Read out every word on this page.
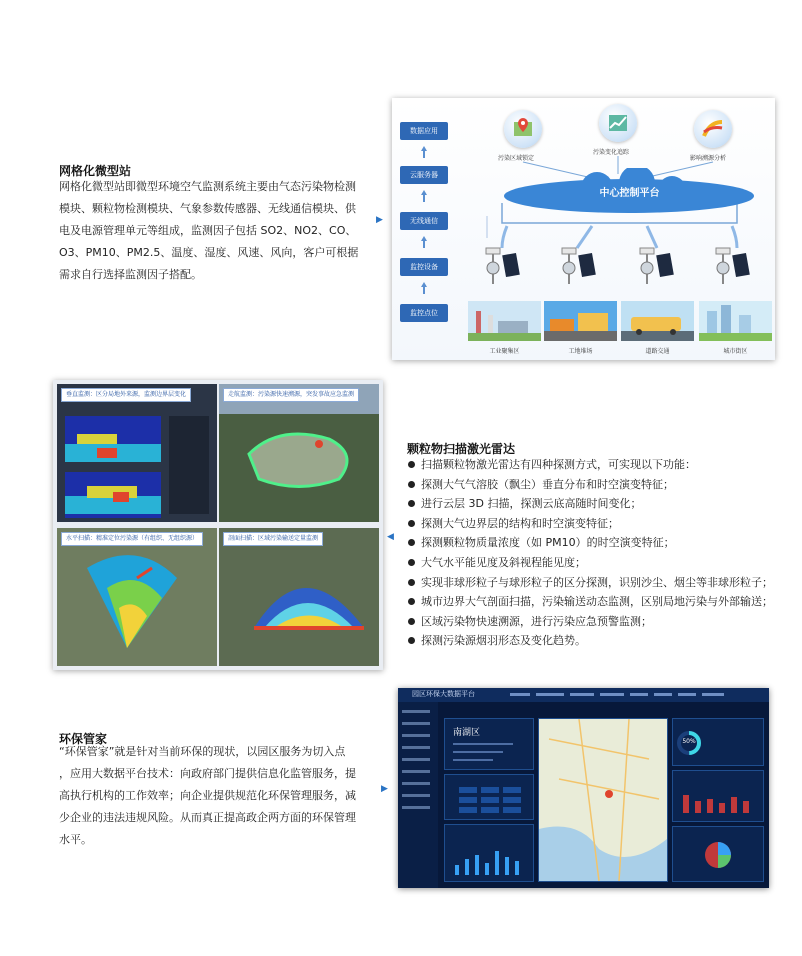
网格化微型站
网格化微型站即微型环境空气监测系统主要由气态污染物检测
模块、颗粒物检测模块、气象参数传感器、无线通信模块、供
电及电源管理单元等组成，监测因子包括 SO2、NO2、CO、
O3、PM10、PM2.5、温度、湿度、风速、风向，客户可根据
需求自行选择监测因子搭配。
▶
数据应用
云服务器
无线通信
监控设备
监控点位
污染区域锁定
污染变化追踪
影响溯源分析
中心控制平台
工业聚集区	工地堆场	道路交通	城市街区
垂直监测：区分局地外来源，监测边界层变化	走航监测：污染源快速溯源，突发事故应急监测
水平扫描：精准定位污染源（有组织、无组织源）	剖面扫描：区域污染输送定量监测	◀
颗粒物扫描激光雷达
扫描颗粒物激光雷达有四种探测方式，可实现以下功能：
探测大气气溶胶（飘尘）垂直分布和时空演变特征；
进行云层 3D 扫描，探测云底高随时间变化；
探测大气边界层的结构和时空演变特征；
探测颗粒物质量浓度（如 PM10）的时空演变特征；
大气水平能见度及斜视程能见度；
实现非球形粒子与球形粒子的区分探测，识别沙尘、烟尘等非球形粒子；
城市边界大气剖面扫描，污染输送动态监测，区别局地污染与外部输送；
区域污染物快速溯源，进行污染应急预警监测；
探测污染源烟羽形态及变化趋势。
环保管家
“环保管家”就是针对当前环保的现状，以园区服务为切入点
，应用大数据平台技术：向政府部门提供信息化监管服务，提
高执行机构的工作效率；向企业提供规范化环保管理服务，减
少企业的违法违规风险。从而真正提高政企两方面的环保管理
水平。
▶
园区环保大数据平台
南湖区
50%
